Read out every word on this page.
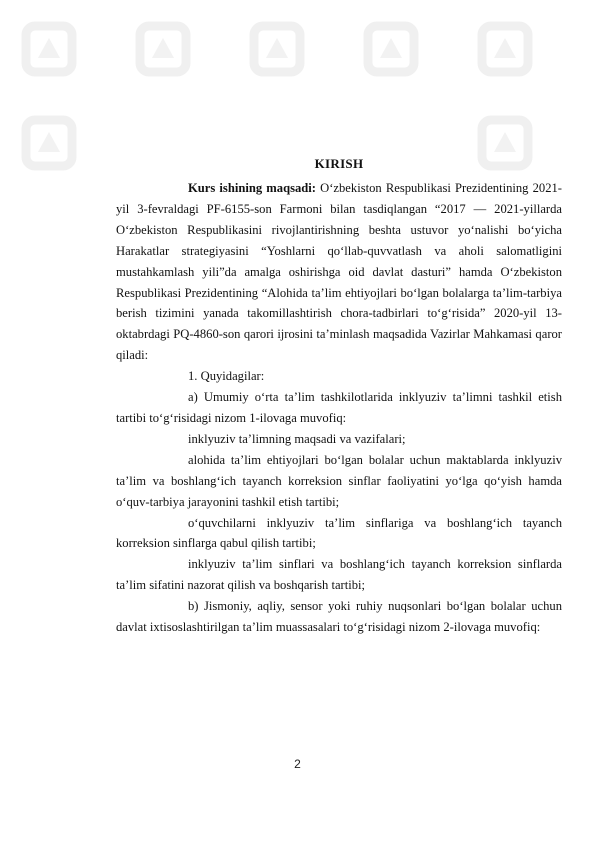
KIRISH

Kurs ishining maqsadi: O‘zbekiston Respublikasi Prezidentining 2021-yil 3-fevraldagi PF-6155-son Farmoni bilan tasdiqlangan “2017 — 2021-yillarda O‘zbekiston Respublikasini rivojlantirishning beshta ustuvor yo‘nalishi bo‘yicha Harakatlar strategiyasini “Yoshlarni qo‘llab-quvvatlash va aholi salomatligini mustahkamlash yili”da amalga oshirishga oid davlat dasturi” hamda O‘zbekiston Respublikasi Prezidentining “Alohida ta’lim ehtiyojlari bo‘lgan bolalarga ta’lim-tarbiya berish tizimini yanada takomillashtirish chora-tadbirlari to‘g‘risida” 2020-yil 13-oktabrdagi PQ-4860-son qarori ijrosini ta’minlash maqsadida Vazirlar Mahkamasi qaror qiladi:

1. Quyidagilar:

a) Umumiy o‘rta ta’lim tashkilotlarida inklyuziv ta’limni tashkil etish tartibi to‘g‘risidagi nizom 1-ilovaga muvofiq:

inklyuziv ta’limning maqsadi va vazifalari;

alohida ta’lim ehtiyojlari bo‘lgan bolalar uchun maktablarda inklyuziv ta’lim va boshlang‘ich tayanch korreksion sinflar faoliyatini yo‘lga qo‘yish hamda o‘quv-tarbiya jarayonini tashkil etish tartibi;

o‘quvchilarni inklyuziv ta’lim sinflariga va boshlang‘ich tayanch korreksion sinflarga qabul qilish tartibi;

inklyuziv ta’lim sinflari va boshlang‘ich tayanch korreksion sinflarda ta’lim sifatini nazorat qilish va boshqarish tartibi;

b) Jismoniy, aqliy, sensor yoki ruhiy nuqsonlari bo‘lgan bolalar uchun davlat ixtisoslashtirilgan ta’lim muassasalari to‘g‘risidagi nizom 2-ilovaga muvofiq:

2
